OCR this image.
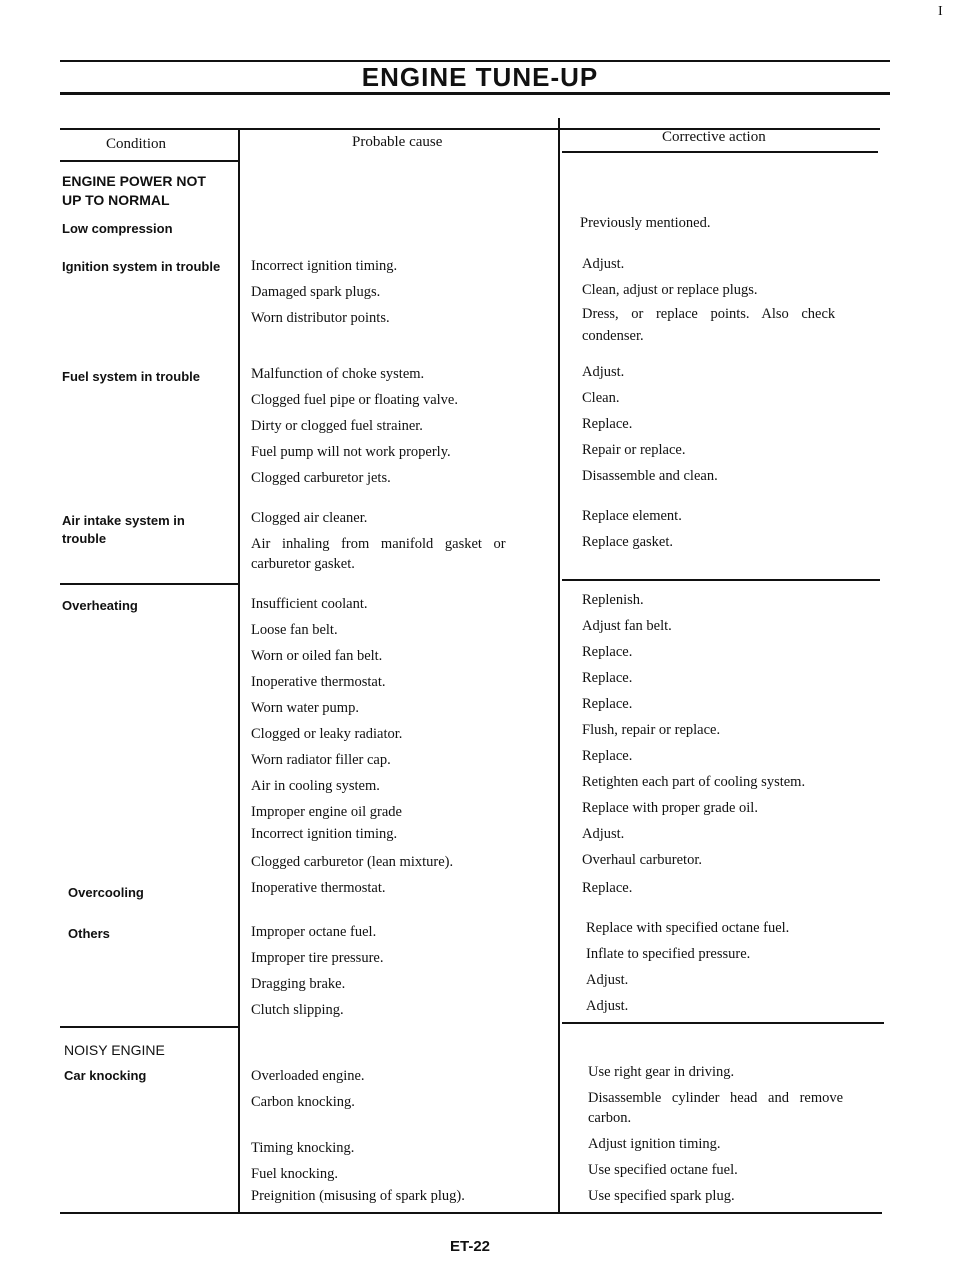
I
ENGINE TUNE-UP
Condition	Probable cause	Corrective action
ENGINE POWER NOT
UP TO NORMAL
Low compression
Ignition system in trouble
Fuel system in trouble
Air intake system in
trouble
Overheating
Overcooling
Others
NOISY ENGINE
Car knocking
Incorrect ignition timing.
Damaged spark plugs.
Worn distributor points.
Malfunction of choke system.
Clogged fuel pipe or floating valve.
Dirty or clogged fuel strainer.
Fuel pump will not work properly.
Clogged carburetor jets.
Clogged air cleaner.
Air inhaling from manifold gasket or
carburetor gasket.
Insufficient coolant.
Loose fan belt.
Worn or oiled fan belt.
Inoperative thermostat.
Worn water pump.
Clogged or leaky radiator.
Worn radiator filler cap.
Air in cooling system.
Improper engine oil grade
Incorrect ignition timing.
Clogged carburetor (lean mixture).
Inoperative thermostat.
Improper octane fuel.
Improper tire pressure.
Dragging brake.
Clutch slipping.
Overloaded engine.
Carbon knocking.
Timing knocking.
Fuel knocking.
Preignition (misusing of spark plug).
Previously mentioned.
Adjust.
Clean, adjust or replace plugs.
Dress, or replace points. Also check
condenser.
Adjust.
Clean.
Replace.
Repair or replace.
Disassemble and clean.
Replace element.
Replace gasket.
Replenish.
Adjust fan belt.
Replace.
Replace.
Replace.
Flush, repair or replace.
Replace.
Retighten each part of cooling system.
Replace with proper grade oil.
Adjust.
Overhaul carburetor.
Replace.
Replace with specified octane fuel.
Inflate to specified pressure.
Adjust.
Adjust.
Use right gear in driving.
Disassemble cylinder head and remove
carbon.
Adjust ignition timing.
Use specified octane fuel.
Use specified spark plug.
ET-22
